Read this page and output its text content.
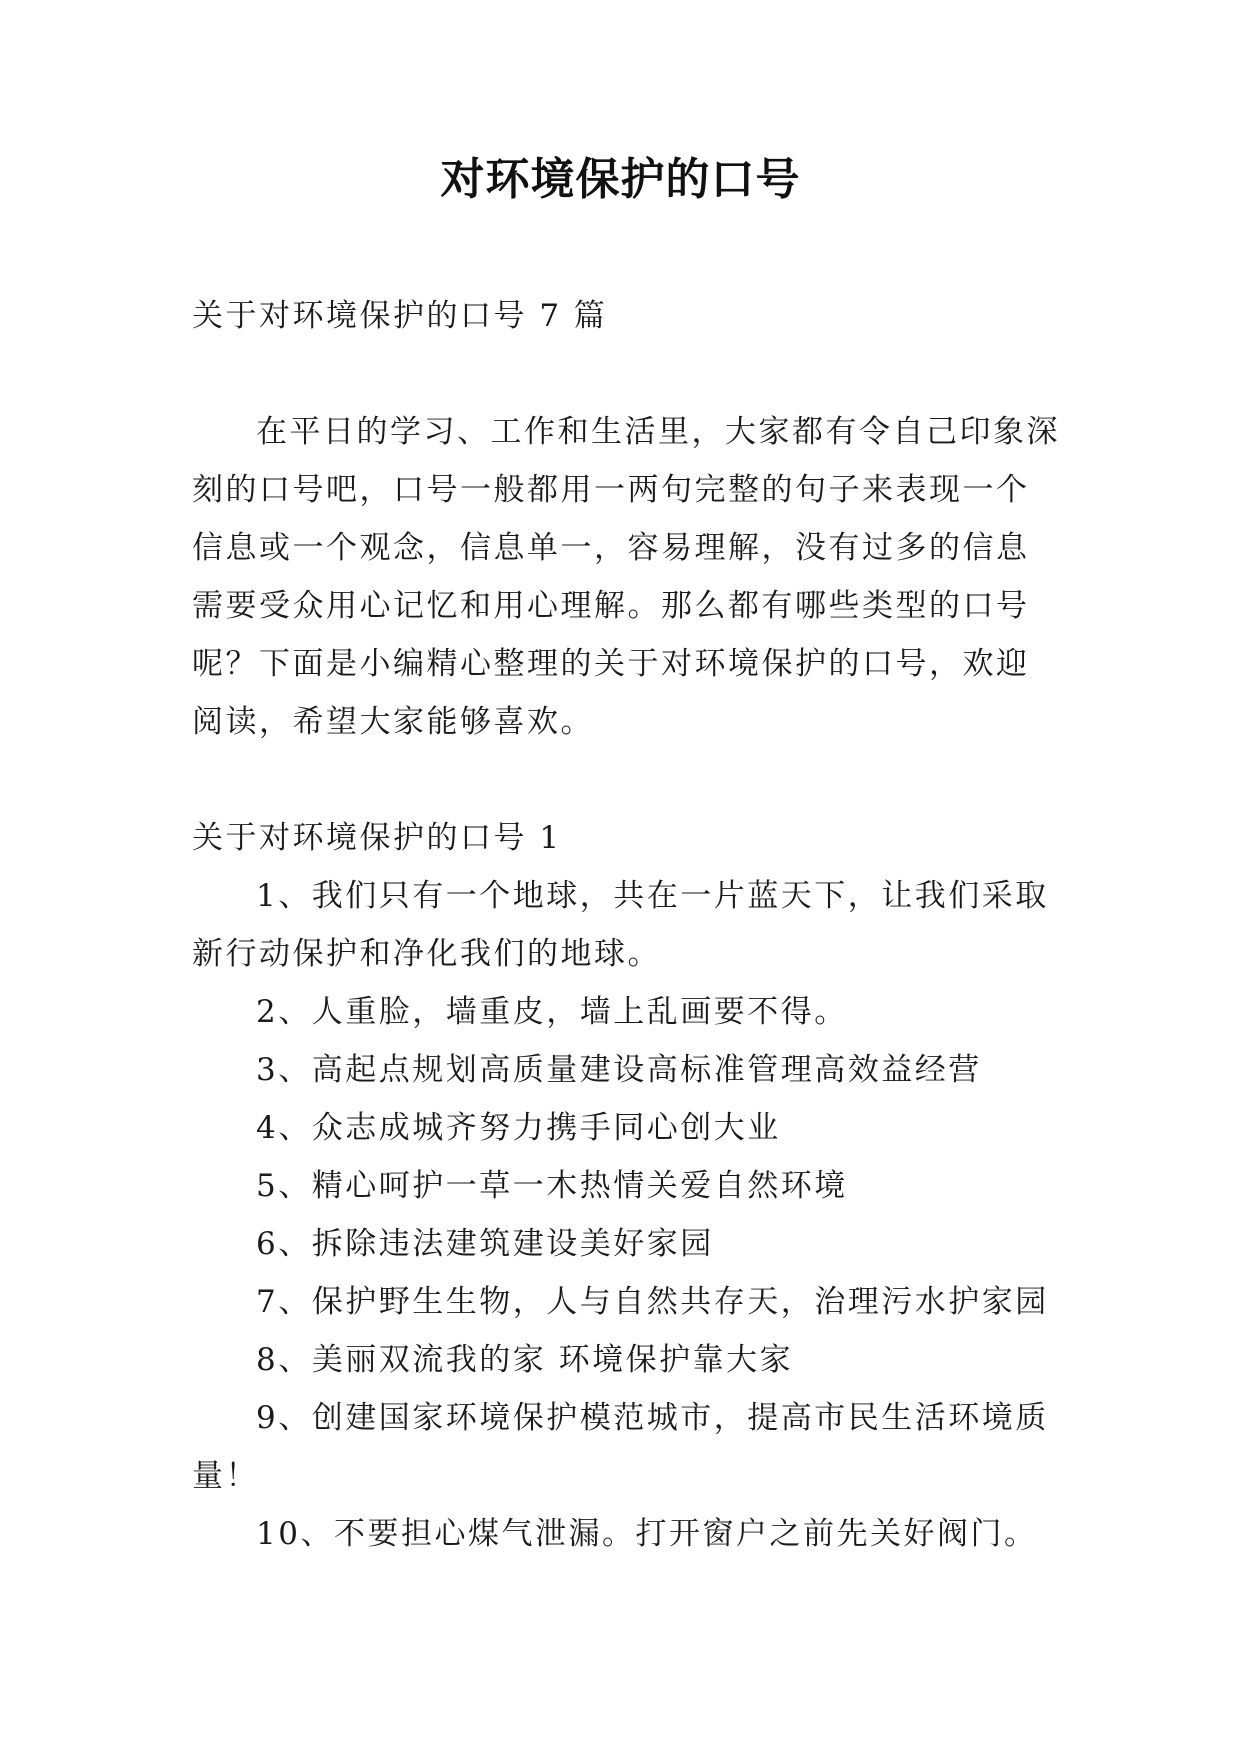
对环境保护的口号

关于对环境保护的口号 7 篇

在平日的学习、工作和生活里，大家都有令自己印象深刻的口号吧，口号一般都用一两句完整的句子来表现一个信息或一个观念，信息单一，容易理解，没有过多的信息需要受众用心记忆和用心理解。那么都有哪些类型的口号呢？下面是小编精心整理的关于对环境保护的口号，欢迎阅读，希望大家能够喜欢。

关于对环境保护的口号 1

1、我们只有一个地球，共在一片蓝天下，让我们采取新行动保护和净化我们的地球。

2、人重脸，墙重皮，墙上乱画要不得。

3、高起点规划高质量建设高标准管理高效益经营

4、众志成城齐努力携手同心创大业

5、精心呵护一草一木热情关爱自然环境

6、拆除违法建筑建设美好家园

7、保护野生生物，人与自然共存天，治理污水护家园

8、美丽双流我的家 环境保护靠大家

9、创建国家环境保护模范城市，提高市民生活环境质量！

10、不要担心煤气泄漏。打开窗户之前先关好阀门。
